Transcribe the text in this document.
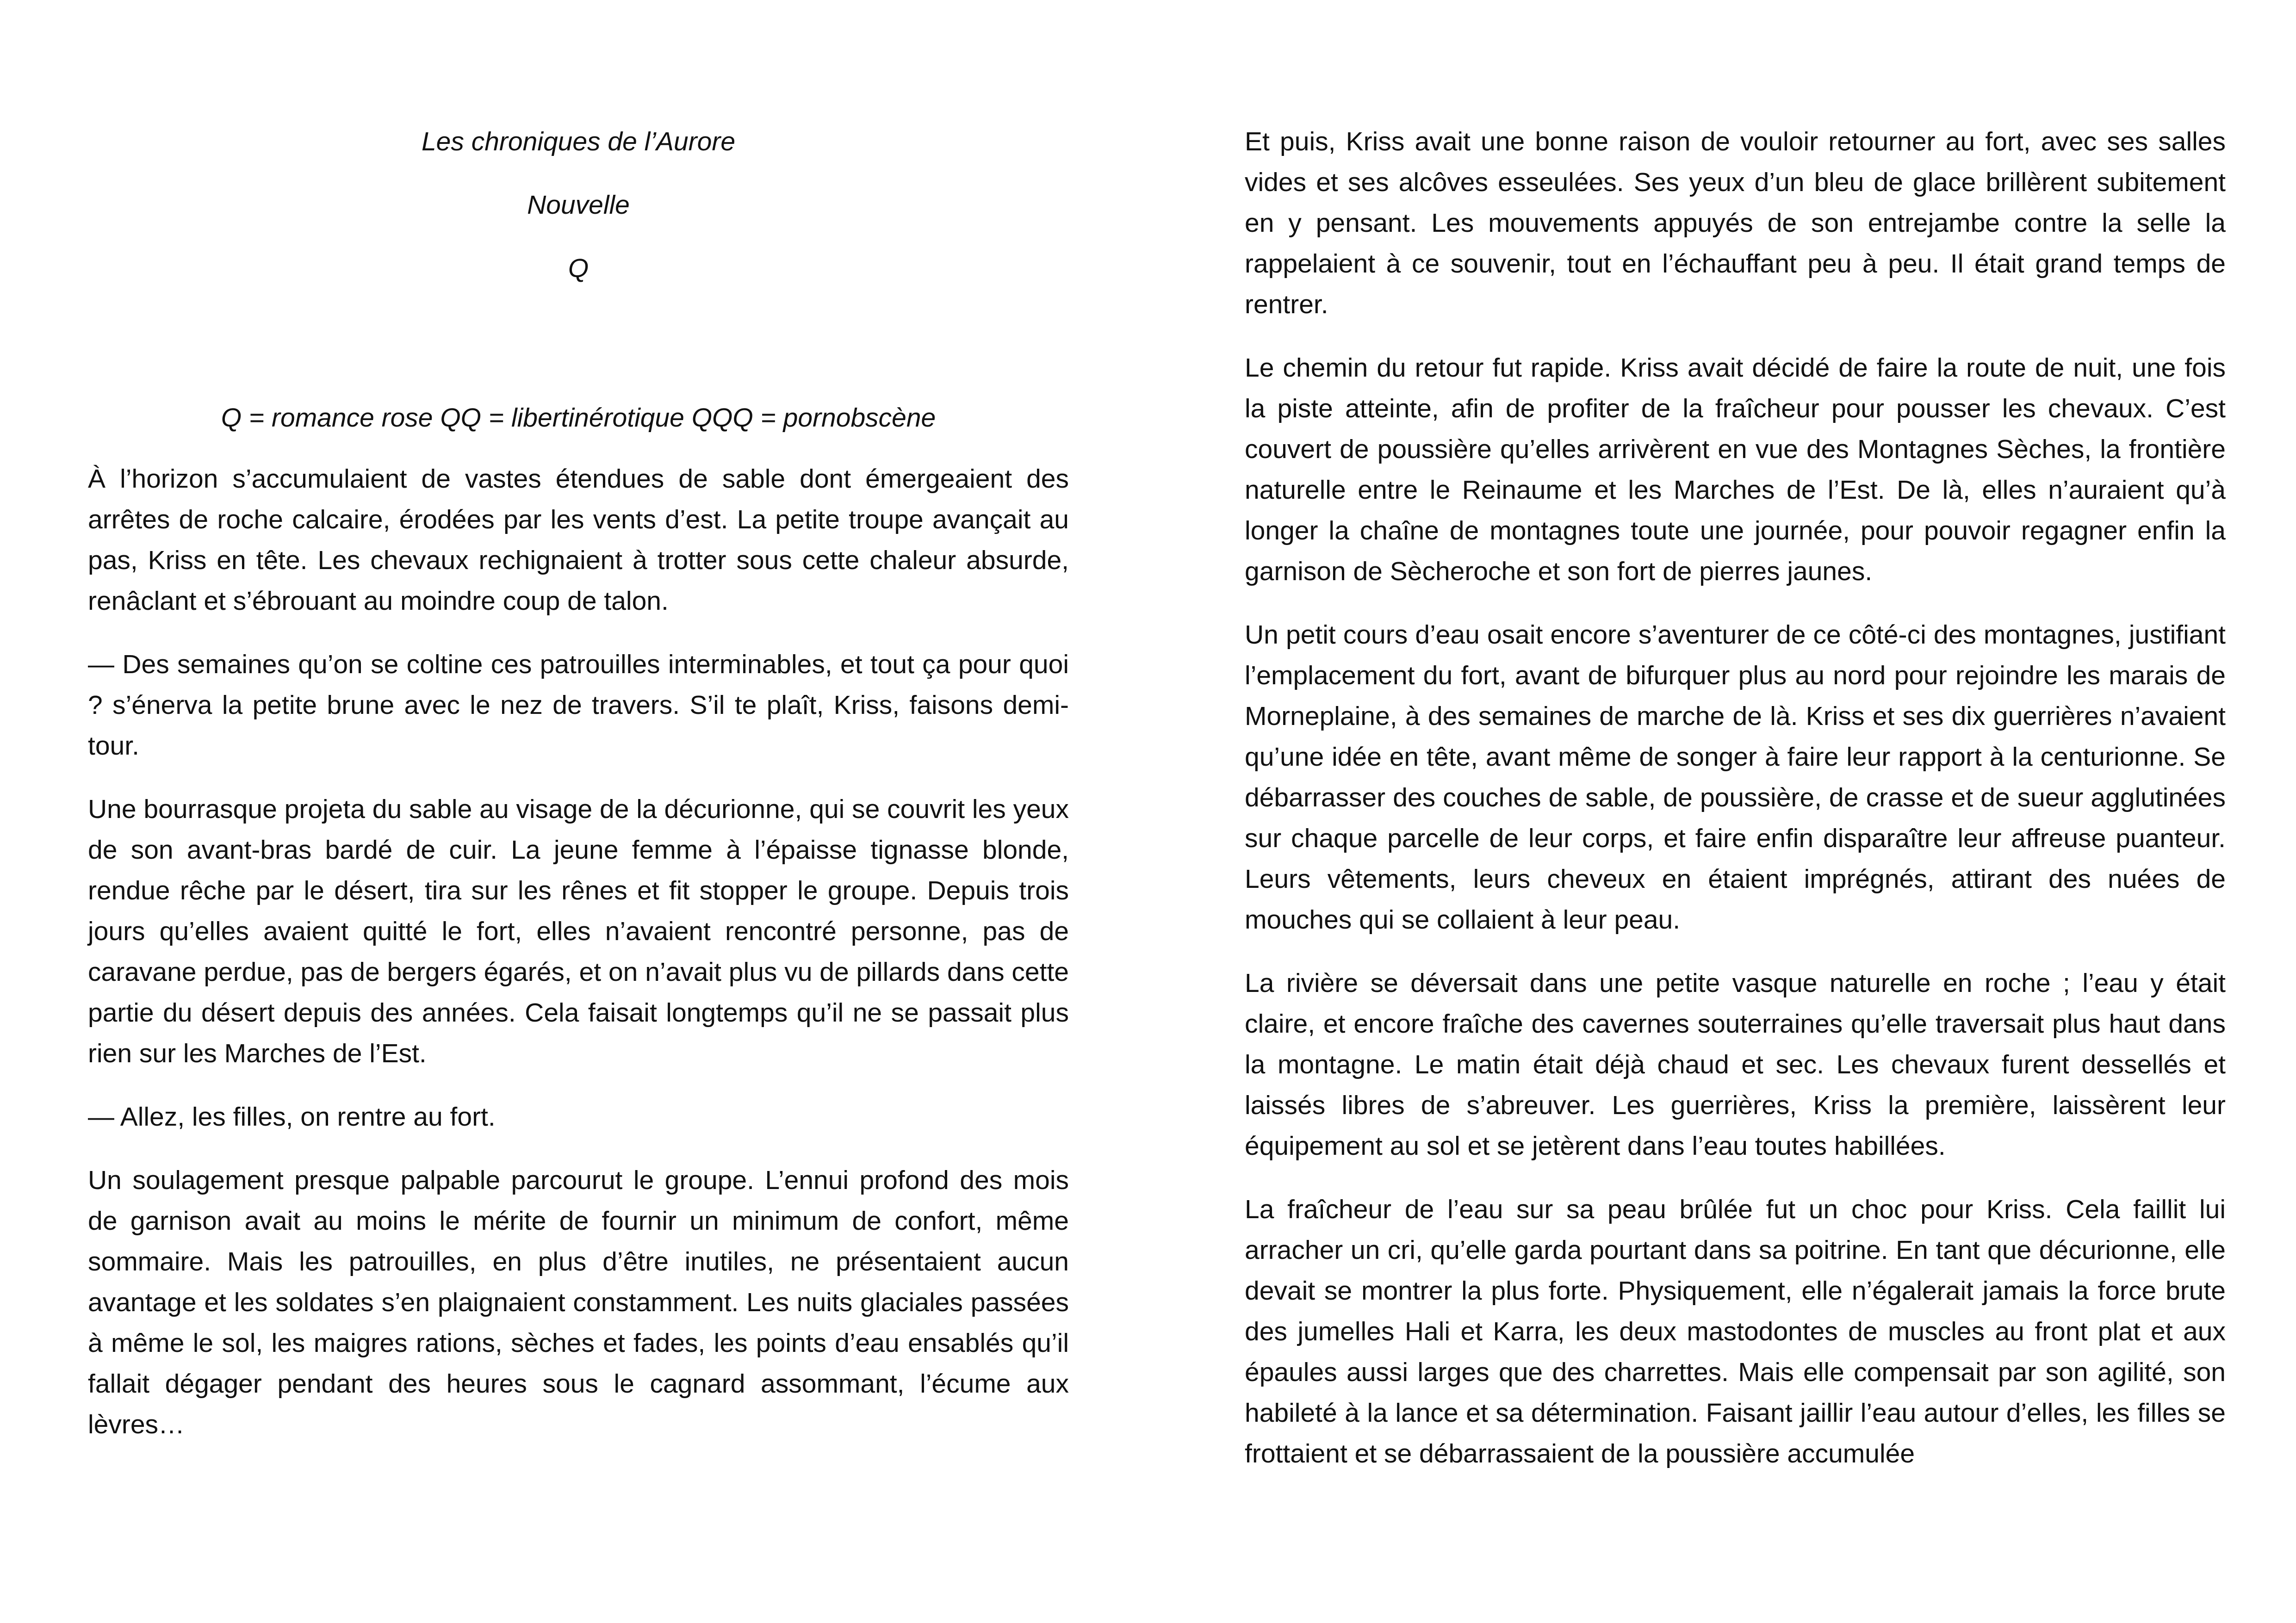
Les chroniques de l’Aurore

Nouvelle

Q

Q = romance rose QQ = libertinérotique QQQ = pornobscène

À l’horizon s’accumulaient de vastes étendues de sable dont émergeaient des arrêtes de roche calcaire, érodées par les vents d’est. La petite troupe avançait au pas, Kriss en tête. Les chevaux rechignaient à trotter sous cette chaleur absurde, renâclant et s’ébrouant au moindre coup de talon.

— Des semaines qu’on se coltine ces patrouilles interminables, et tout ça pour quoi ? s’énerva la petite brune avec le nez de travers. S’il te plaît, Kriss, faisons demi-tour.

Une bourrasque projeta du sable au visage de la décurionne, qui se couvrit les yeux de son avant-bras bardé de cuir. La jeune femme à l’épaisse tignasse blonde, rendue rêche par le désert, tira sur les rênes et fit stopper le groupe. Depuis trois jours qu’elles avaient quitté le fort, elles n’avaient rencontré personne, pas de caravane perdue, pas de bergers égarés, et on n’avait plus vu de pillards dans cette partie du désert depuis des années. Cela faisait longtemps qu’il ne se passait plus rien sur les Marches de l’Est.

— Allez, les filles, on rentre au fort.

Un soulagement presque palpable parcourut le groupe. L’ennui profond des mois de garnison avait au moins le mérite de fournir un minimum de confort, même sommaire. Mais les patrouilles, en plus d’être inutiles, ne présentaient aucun avantage et les soldates s’en plaignaient constamment. Les nuits glaciales passées à même le sol, les maigres rations, sèches et fades, les points d’eau ensablés qu’il fallait dégager pendant des heures sous le cagnard assommant, l’écume aux lèvres…

Et puis, Kriss avait une bonne raison de vouloir retourner au fort, avec ses salles vides et ses alcôves esseulées. Ses yeux d’un bleu de glace brillèrent subitement en y pensant. Les mouvements appuyés de son entrejambe contre la selle la rappelaient à ce souvenir, tout en l’échauffant peu à peu. Il était grand temps de rentrer.

Le chemin du retour fut rapide. Kriss avait décidé de faire la route de nuit, une fois la piste atteinte, afin de profiter de la fraîcheur pour pousser les chevaux. C’est couvert de poussière qu’elles arrivèrent en vue des Montagnes Sèches, la frontière naturelle entre le Reinaume et les Marches de l’Est. De là, elles n’auraient qu’à longer la chaîne de montagnes toute une journée, pour pouvoir regagner enfin la garnison de Sècheroche et son fort de pierres jaunes.

Un petit cours d’eau osait encore s’aventurer de ce côté-ci des montagnes, justifiant l’emplacement du fort, avant de bifurquer plus au nord pour rejoindre les marais de Morneplaine, à des semaines de marche de là. Kriss et ses dix guerrières n’avaient qu’une idée en tête, avant même de songer à faire leur rapport à la centurionne. Se débarrasser des couches de sable, de poussière, de crasse et de sueur agglutinées sur chaque parcelle de leur corps, et faire enfin disparaître leur affreuse puanteur. Leurs vêtements, leurs cheveux en étaient imprégnés, attirant des nuées de mouches qui se collaient à leur peau.

La rivière se déversait dans une petite vasque naturelle en roche ; l’eau y était claire, et encore fraîche des cavernes souterraines qu’elle traversait plus haut dans la montagne. Le matin était déjà chaud et sec. Les chevaux furent dessellés et laissés libres de s’abreuver. Les guerrières, Kriss la première, laissèrent leur équipement au sol et se jetèrent dans l’eau toutes habillées.

La fraîcheur de l’eau sur sa peau brûlée fut un choc pour Kriss. Cela faillit lui arracher un cri, qu’elle garda pourtant dans sa poitrine. En tant que décurionne, elle devait se montrer la plus forte. Physiquement, elle n’égalerait jamais la force brute des jumelles Hali et Karra, les deux mastodontes de muscles au front plat et aux épaules aussi larges que des charrettes. Mais elle compensait par son agilité, son habileté à la lance et sa détermination. Faisant jaillir l’eau autour d’elles, les filles se frottaient et se débarrassaient de la poussière accumulée
